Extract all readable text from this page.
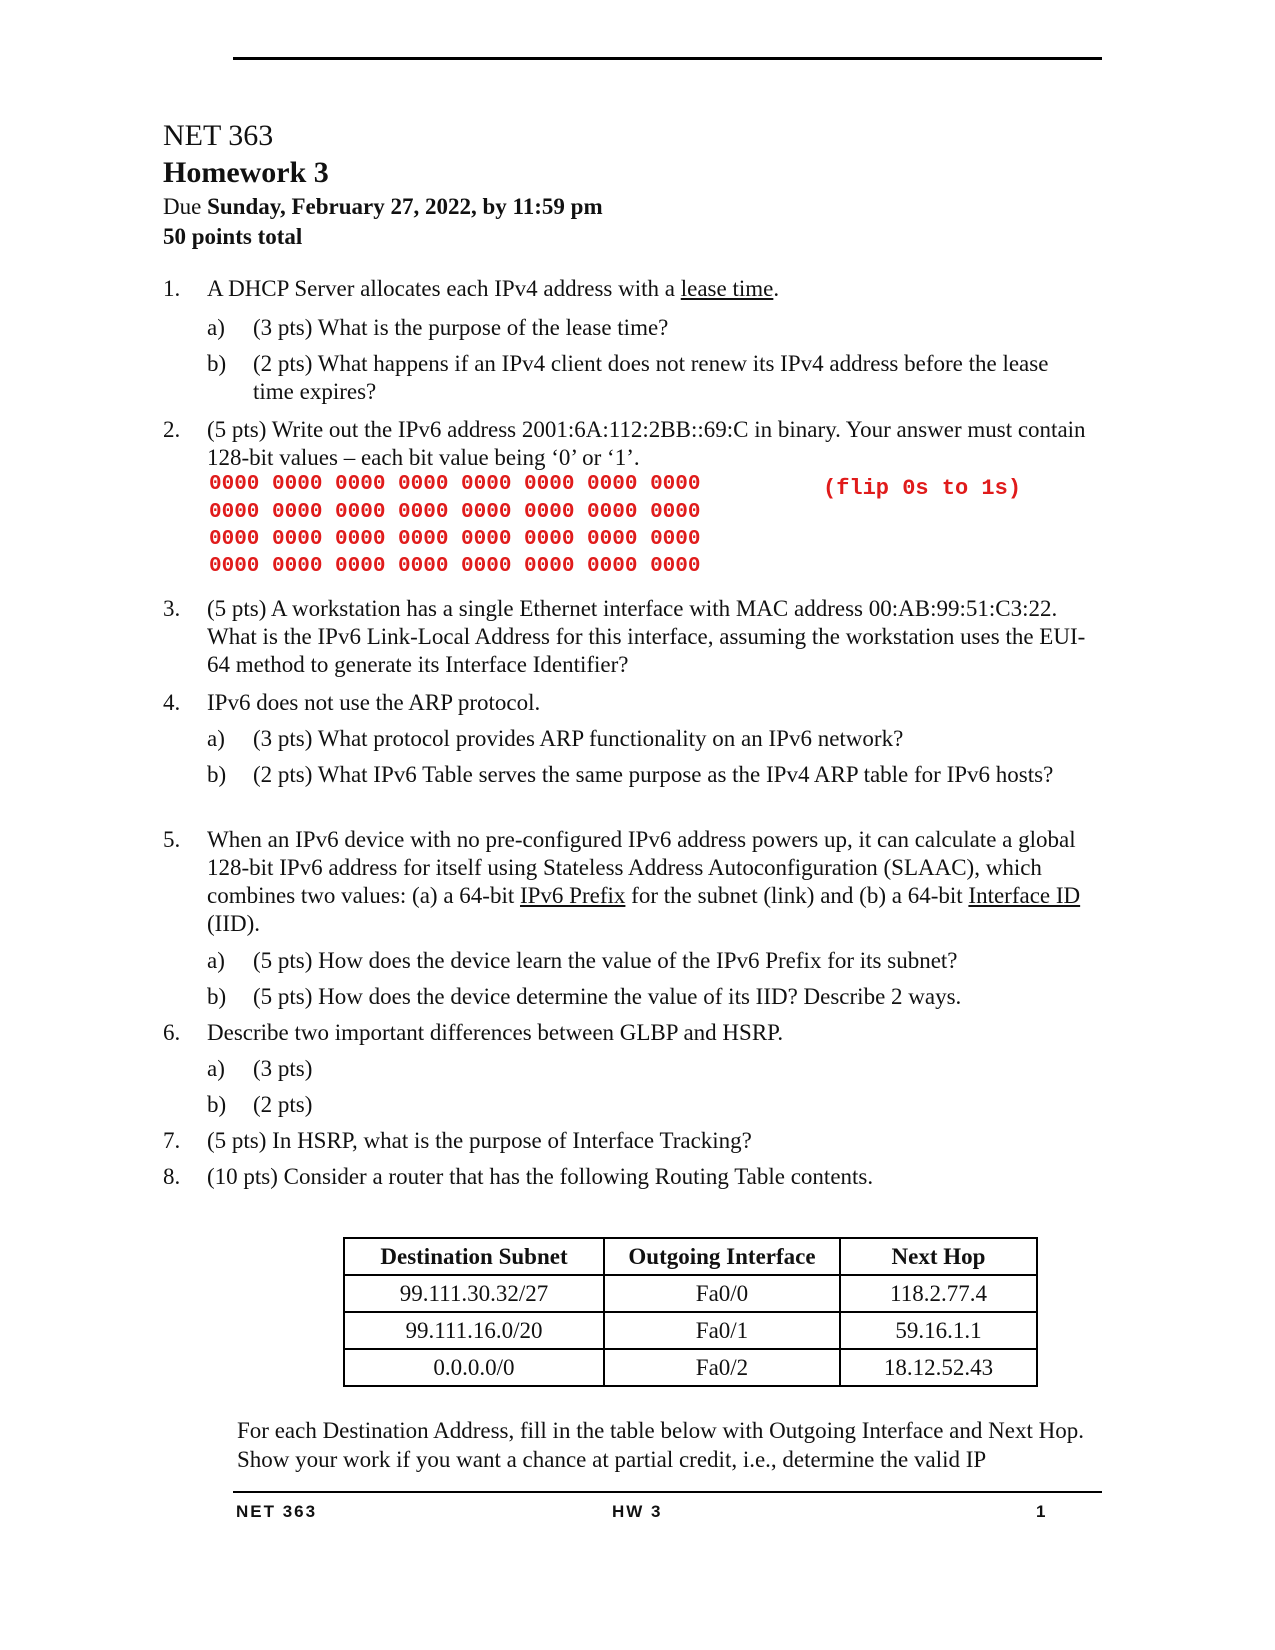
NET 363
Homework 3
Due Sunday, February 27, 2022, by 11:59 pm
50 points total
1. A DHCP Server allocates each IPv4 address with a lease time.
a) (3 pts) What is the purpose of the lease time?
b) (2 pts) What happens if an IPv4 client does not renew its IPv4 address before the lease time expires?
2. (5 pts) Write out the IPv6 address 2001:6A:112:2BB::69:C in binary. Your answer must contain 128-bit values – each bit value being ‘0’ or ‘1’.
0000 0000 0000 0000 0000 0000 0000 0000
0000 0000 0000 0000 0000 0000 0000 0000
0000 0000 0000 0000 0000 0000 0000 0000
0000 0000 0000 0000 0000 0000 0000 0000
(flip 0s to 1s)
3. (5 pts) A workstation has a single Ethernet interface with MAC address 00:AB:99:51:C3:22. What is the IPv6 Link-Local Address for this interface, assuming the workstation uses the EUI-64 method to generate its Interface Identifier?
4. IPv6 does not use the ARP protocol.
a) (3 pts) What protocol provides ARP functionality on an IPv6 network?
b) (2 pts) What IPv6 Table serves the same purpose as the IPv4 ARP table for IPv6 hosts?
5. When an IPv6 device with no pre-configured IPv6 address powers up, it can calculate a global 128-bit IPv6 address for itself using Stateless Address Autoconfiguration (SLAAC), which combines two values: (a) a 64-bit IPv6 Prefix for the subnet (link) and (b) a 64-bit Interface ID (IID).
a) (5 pts) How does the device learn the value of the IPv6 Prefix for its subnet?
b) (5 pts) How does the device determine the value of its IID? Describe 2 ways.
6. Describe two important differences between GLBP and HSRP.
a) (3 pts)
b) (2 pts)
7. (5 pts) In HSRP, what is the purpose of Interface Tracking?
8. (10 pts) Consider a router that has the following Routing Table contents.
Destination Subnet	Outgoing Interface	Next Hop
99.111.30.32/27	Fa0/0	118.2.77.4
99.111.16.0/20	Fa0/1	59.16.1.1
0.0.0.0/0	Fa0/2	18.12.52.43
For each Destination Address, fill in the table below with Outgoing Interface and Next Hop. Show your work if you want a chance at partial credit, i.e., determine the valid IP
NET 363	HW 3	1
